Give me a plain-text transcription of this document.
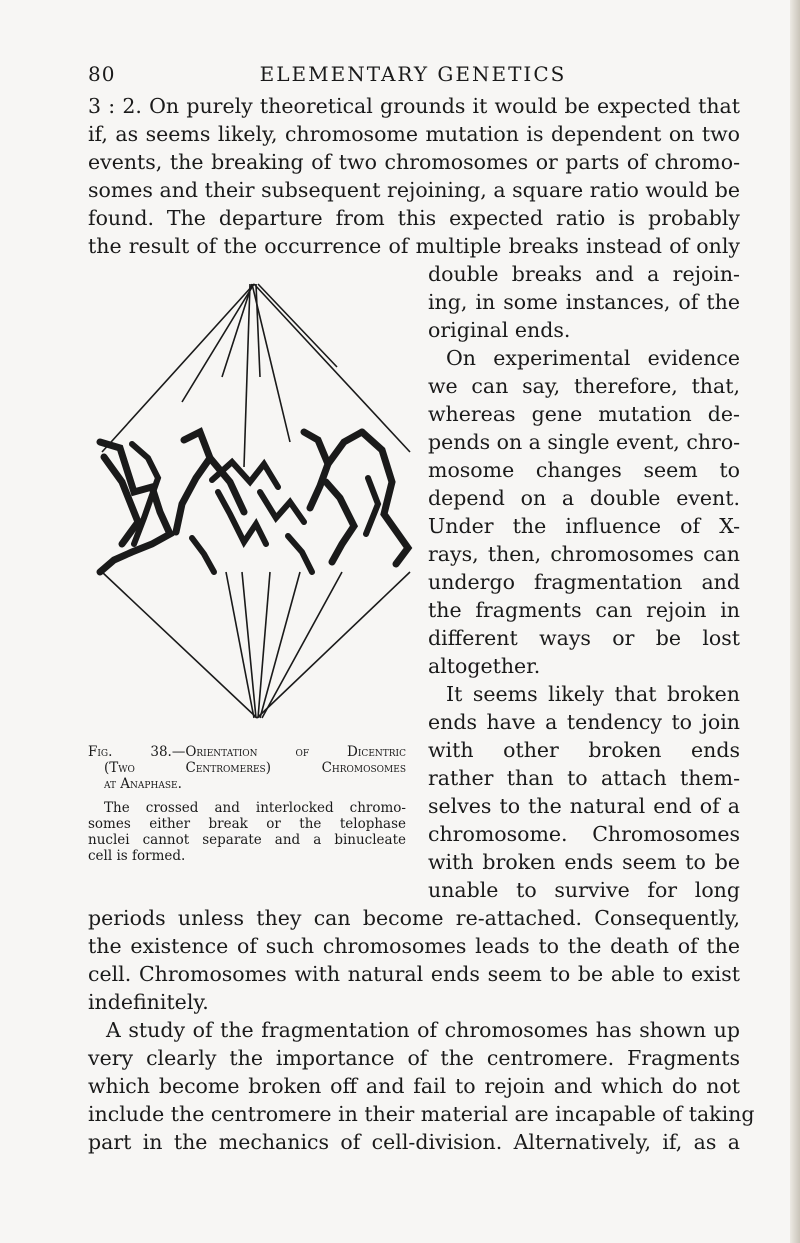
80	ELEMENTARY GENETICS
3 : 2. On purely theoretical grounds it would be expected that
if, as seems likely, chromosome mutation is dependent on two
events, the breaking of two chromosomes or parts of chromo-
somes and their subsequent rejoining, a square ratio would be
found. The departure from this expected ratio is probably
the result of the occurrence of multiple breaks instead of only
double breaks and a rejoin-
ing, in some instances, of the
original ends.
On experimental evidence
we can say, therefore, that,
whereas gene mutation de-
pends on a single event, chro-
mosome changes seem to
depend on a double event.
Under the influence of X-
rays, then, chromosomes can
undergo fragmentation and
the fragments can rejoin in
different ways or be lost
altogether.
It seems likely that broken
ends have a tendency to join
with other broken ends
rather than to attach them-
selves to the natural end of a
chromosome. Chromosomes
with broken ends seem to be
unable to survive for long
periods unless they can become re-attached. Consequently,
the existence of such chromosomes leads to the death of the
cell. Chromosomes with natural ends seem to be able to exist
indefinitely.
A study of the fragmentation of chromosomes has shown up
very clearly the importance of the centromere. Fragments
which become broken off and fail to rejoin and which do not
include the centromere in their material are incapable of taking
part in the mechanics of cell-division. Alternatively, if, as a
Fig. 38.—Orientation of Dicentric
(Two Centromeres) Chromosomes
at Anaphase.
The crossed and interlocked chromo-
somes either break or the telophase
nuclei cannot separate and a binucleate
cell is formed.
